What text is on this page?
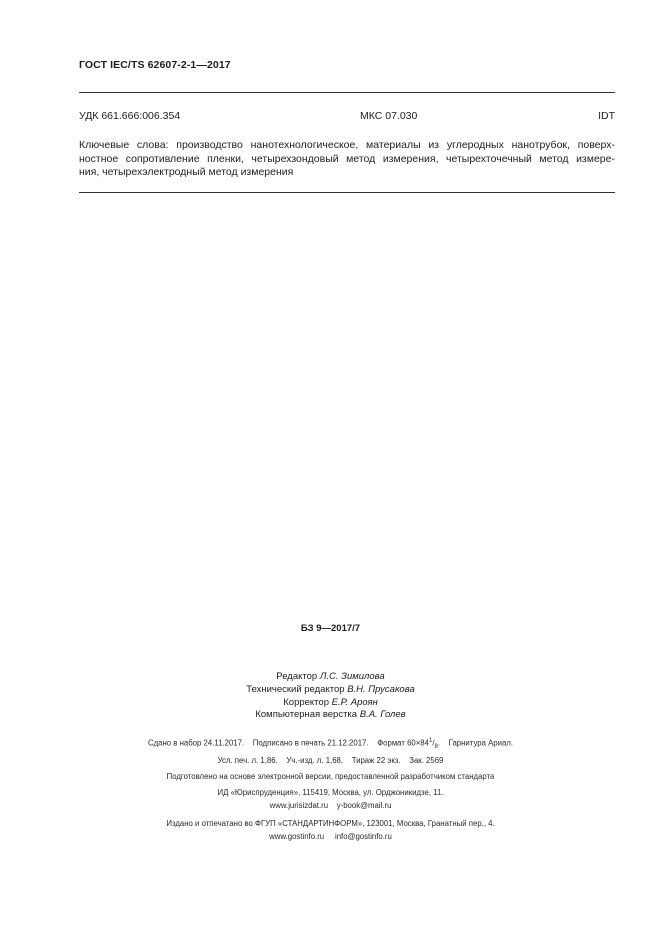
ГОСТ IEC/TS 62607-2-1—2017
УДК 661.666:006.354	МКС 07.030	IDT
Ключевые слова: производство нанотехнологическое, материалы из углеродных нанотрубок, поверх-
ностное сопротивление пленки, четырехзондовый метод измерения, четырехточечный метод измере-
ния, четырехэлектродный метод измерения
БЗ 9—2017/7
Редактор Л.С. Зимилова
Технический редактор В.Н. Прусакова
Корректор Е.Р. Ароян
Компьютерная верстка В.А. Голев
Сдано в набор 24.11.2017.    Подписано в печать 21.12.2017.    Формат $60\times 84^1/_8$.    Гарнитура Ариал.
Усл. печ. л. 1,86.    Уч.-изд. л. 1,68.    Тираж 22 экз.    Зак. 2569
Подготовлено на основе электронной версии, предоставленной разработчиком стандарта
ИД «Юриспруденция», 115419, Москва, ул. Орджоникидзе, 11.
www.jurisizdat.ru    y-book@mail.ru
Издано и отпечатано во ФГУП «СТАНДАРТИНФОРМ», 123001, Москва, Гранатный пер., 4.
www.gostinfo.ru     info@gostinfo.ru
